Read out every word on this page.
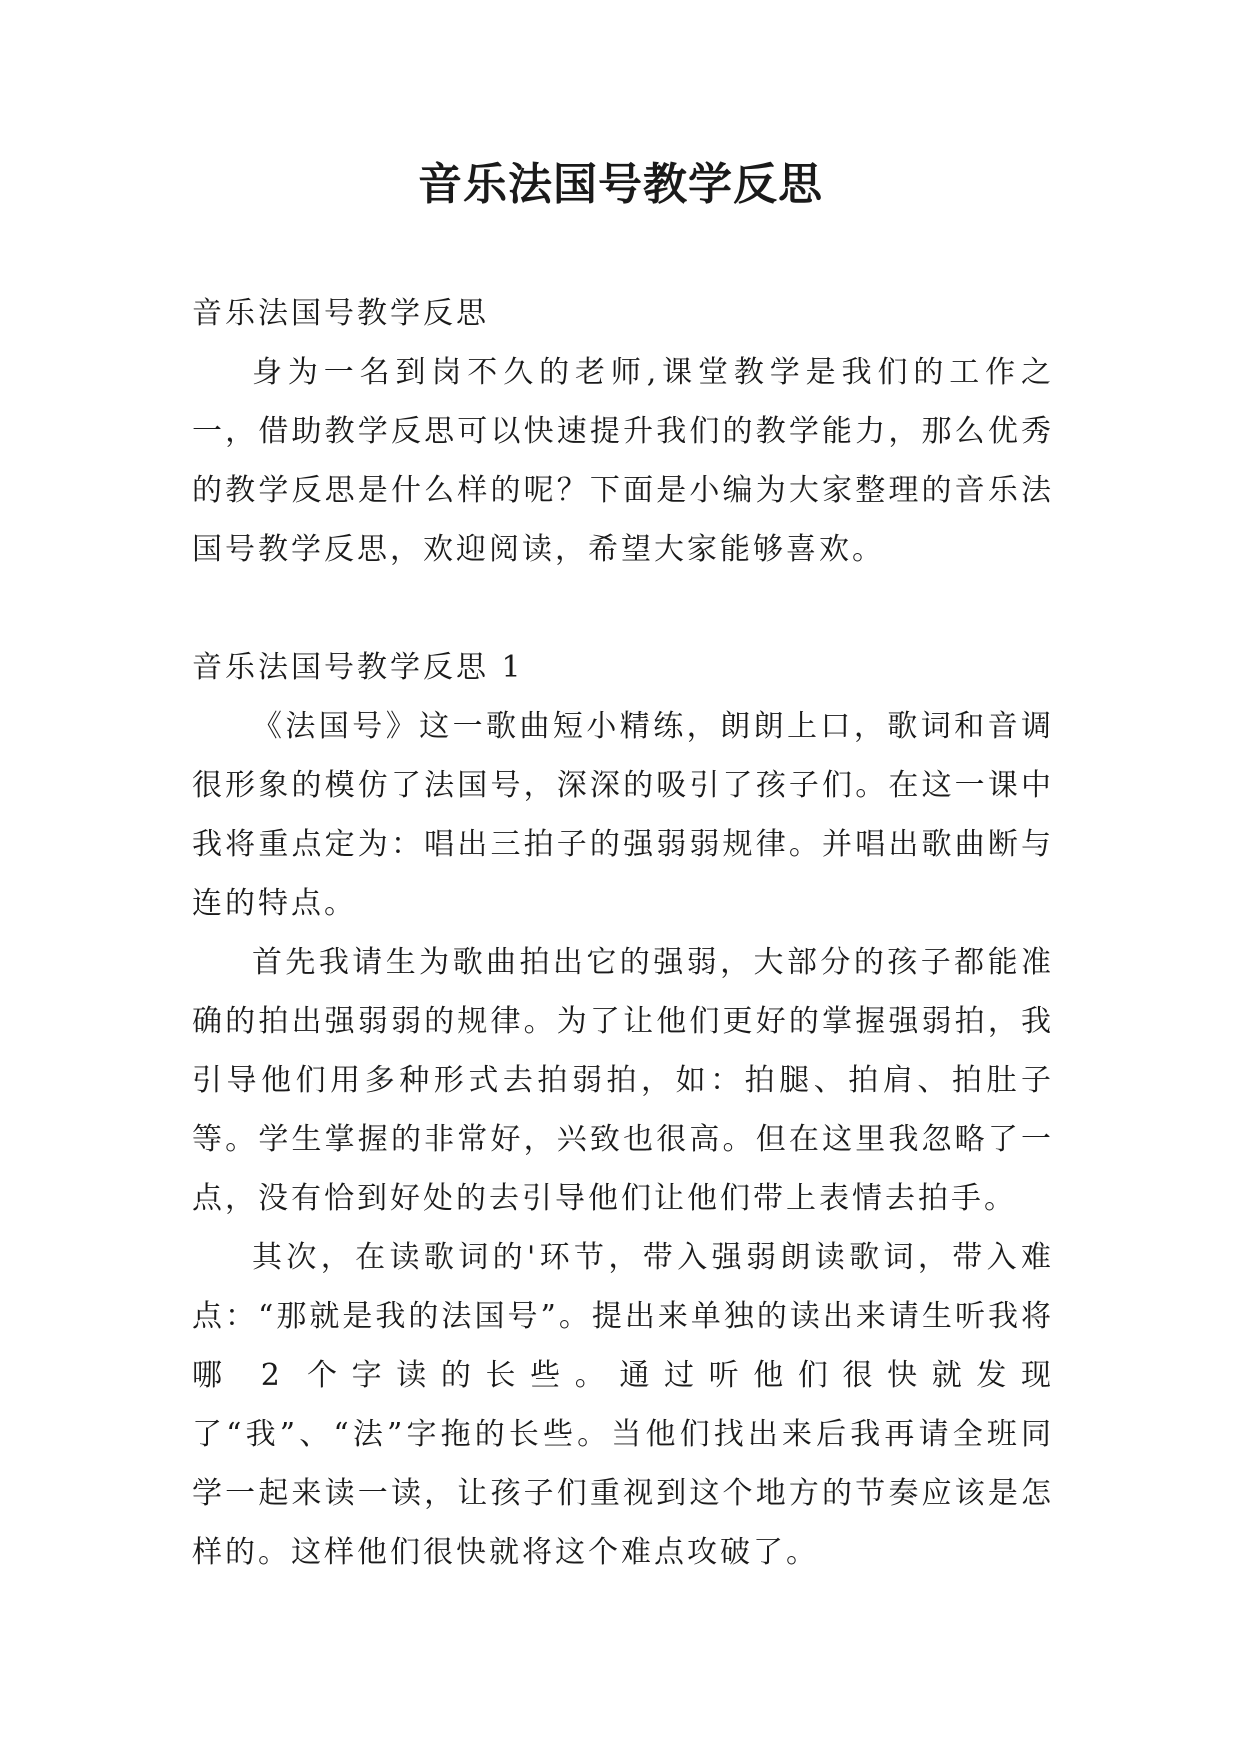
音乐法国号教学反思

音乐法国号教学反思

身为一名到岗不久的老师,课堂教学是我们的工作之一，借助教学反思可以快速提升我们的教学能力，那么优秀的教学反思是什么样的呢？下面是小编为大家整理的音乐法国号教学反思，欢迎阅读，希望大家能够喜欢。

音乐法国号教学反思 1

《法国号》这一歌曲短小精练，朗朗上口，歌词和音调很形象的模仿了法国号，深深的吸引了孩子们。在这一课中我将重点定为：唱出三拍子的强弱弱规律。并唱出歌曲断与连的特点。

首先我请生为歌曲拍出它的强弱，大部分的孩子都能准确的拍出强弱弱的规律。为了让他们更好的掌握强弱拍，我引导他们用多种形式去拍弱拍，如：拍腿、拍肩、拍肚子等。学生掌握的非常好，兴致也很高。但在这里我忽略了一点，没有恰到好处的去引导他们让他们带上表情去拍手。

其次，在读歌词的'环节，带入强弱朗读歌词，带入难点：“那就是我的法国号”。提出来单独的读出来请生听我将哪 2 个字读的长些。通过听他们很快就发现了“我”、“法”字拖的长些。当他们找出来后我再请全班同学一起来读一读，让孩子们重视到这个地方的节奏应该是怎样的。这样他们很快就将这个难点攻破了。
